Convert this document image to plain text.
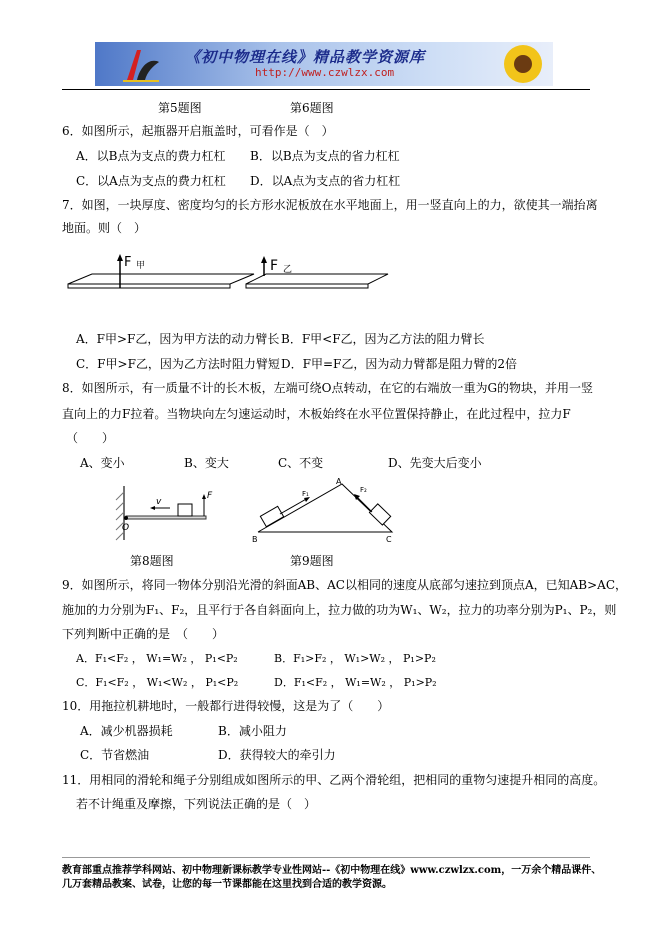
《初中物理在线》精品教学资源库
http://www.czwlzx.com
第5题图	第6题图
6．如图所示，起瓶器开启瓶盖时，可看作是（　）
A．以B点为支点的费力杠杠 B．以B点为支点的省力杠杠
C．以A点为支点的费力杠杠 D．以A点为支点的省力杠杠
7．如图，一块厚度、密度均匀的长方形水泥板放在水平地面上，用一竖直向上的力，欲使其一端抬离
地面。则（　）
F 甲	F 乙
A．F甲>F乙，因为甲方法的动力臂长 B．F甲<F乙，因为乙方法的阻力臂长
C．F甲>F乙，因为乙方法时阻力臂短 D．F甲=F乙，因为动力臂都是阻力臂的2倍
8．如图所示，有一质量不计的长木板，左端可绕O点转动，在它的右端放一重为G的物块，并用一竖
直向上的力F拉着。当物块向左匀速运动时，木板始终在水平位置保持静止，在此过程中，拉力F
（　　）
A、变小	B、变大	C、不变	D、先变大后变小
O
v
F
A
B	C
F₁	F₂
第8题图	第9题图
9．如图所示，将同一物体分别沿光滑的斜面AB、AC以相同的速度从底部匀速拉到顶点A，已知AB>AC，
施加的力分别为F₁、F₂，且平行于各自斜面向上，拉力做的功为W₁、W₂，拉力的功率分别为P₁、P₂，则
下列判断中正确的是　（　　）
A．F₁<F₂ ， W₁=W₂ ， P₁<P₂	B．F₁>F₂ ， W₁>W₂ ， P₁>P₂
C．F₁<F₂ ， W₁<W₂ ， P₁<P₂	D．F₁<F₂ ， W₁=W₂ ， P₁>P₂
10．用拖拉机耕地时，一般都行进得较慢，这是为了（　　）
A．减少机器损耗	B．减小阻力
C．节省燃油	D．获得较大的牵引力
11．用相同的滑轮和绳子分别组成如图所示的甲、乙两个滑轮组，把相同的重物匀速提升相同的高度。
若不计绳重及摩擦，下列说法正确的是（　）
教育部重点推荐学科网站、初中物理新课标教学专业性网站--《初中物理在线》www.czwlzx.com，一万余个精品课件、
几万套精品教案、试卷，让您的每一节课都能在这里找到合适的教学资源。
